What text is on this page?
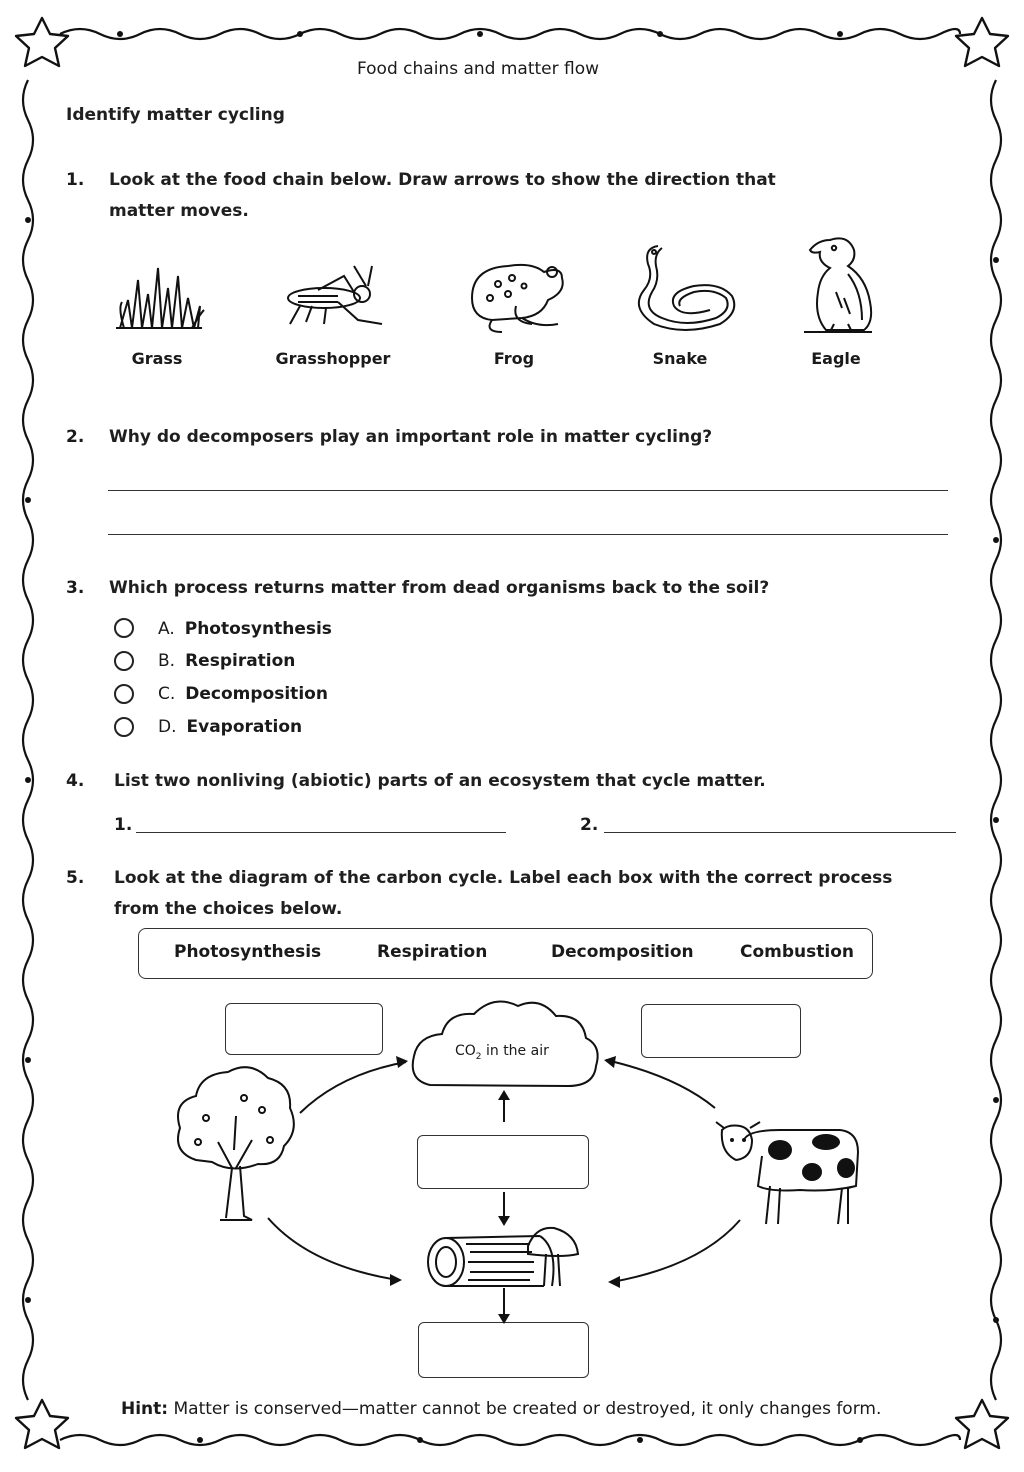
Food chains and matter flow
Identify matter cycling
1. Look at the food chain below. Draw arrows to show the direction that
matter moves.
Grass	Grasshopper	Frog	Snake	Eagle
2. Why do decomposers play an important role in matter cycling?
3. Which process returns matter from dead organisms back to the soil?
A. Photosynthesis
B. Respiration
C. Decomposition
D. Evaporation
4. List two nonliving (abiotic) parts of an ecosystem that cycle matter.
1.	2.
5. Look at the diagram of the carbon cycle. Label each box with the correct process
from the choices below.
Photosynthesis	Respiration	Decomposition	Combustion
$CO_2$ in the air
Hint: Matter is conserved—matter cannot be created or destroyed, it only changes form.
